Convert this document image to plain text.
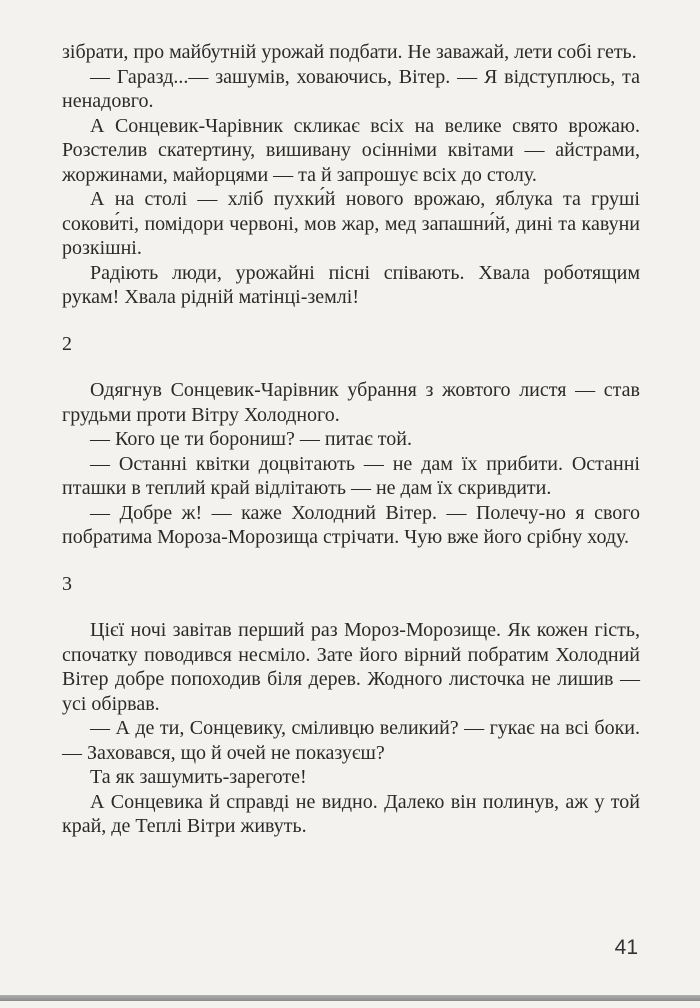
зібрати, про майбутній урожай подбати. Не заважай, лети собі геть.

— Гаразд...— зашумів, ховаючись, Вітер. — Я відступлюсь, та ненадовго.

А Сонцевик-Чарівник скликає всіх на велике свято врожаю. Розстелив скатертину, вишивану осінніми квітами — айстрами, жоржинами, майорцями — та й запрошує всіх до столу.

А на столі — хліб пухки́й нового врожаю, яблука та груші сокови́ті, помідори червоні, мов жар, мед запашни́й, дині та кавуни розкішні.

Радіють люди, урожайні пісні співають. Хвала роботящим рукам! Хвала рідній матінці-землі!

2

Одягнув Сонцевик-Чарівник убрання з жовтого листя — став грудьми проти Вітру Холодного.

— Кого це ти борониш? — питає той.

— Останні квітки доцвітають — не дам їх прибити. Останні пташки в теплий край відлітають — не дам їх скривдити.

— Добре ж! — каже Холодний Вітер. — Полечу-но я свого побратима Мороза-Морозища стрічати. Чую вже його срібну ходу.

3

Цієї ночі завітав перший раз Мороз-Морозище. Як кожен гість, спочатку поводився несміло. Зате його вірний побратим Холодний Вітер добре попоходив біля дерев. Жодного листочка не лишив — усі обірвав.

— А де ти, Сонцевику, сміливцю великий? — гукає на всі боки. — Заховався, що й очей не показуєш?

Та як зашумить-зареготе!

А Сонцевика й справді не видно. Далеко він полинув, аж у той край, де Теплі Вітри живуть.

41
